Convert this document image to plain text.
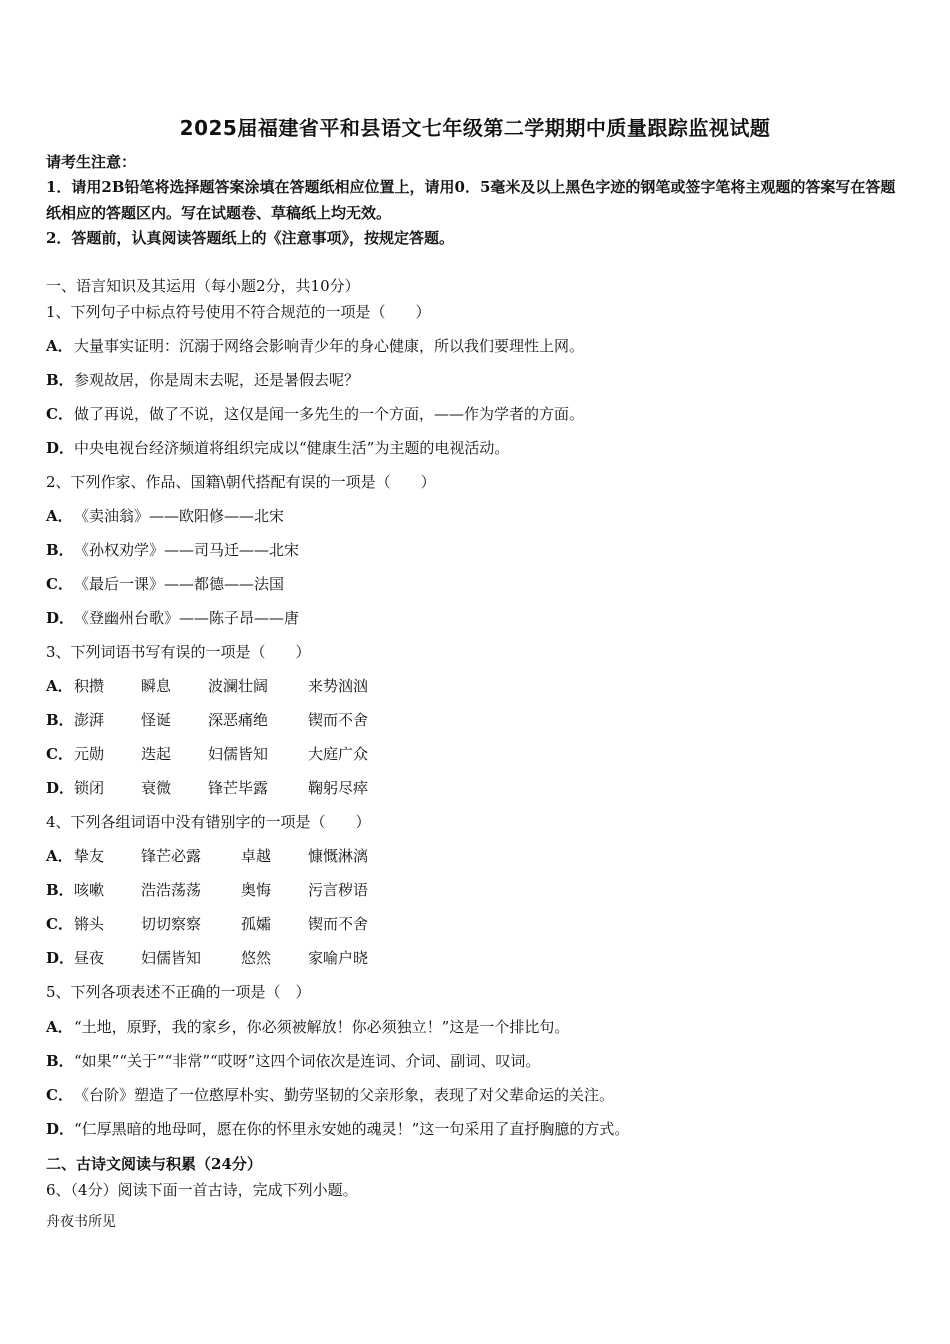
2025届福建省平和县语文七年级第二学期期中质量跟踪监视试题
请考生注意：
1．请用2B铅笔将选择题答案涂填在答题纸相应位置上，请用0．5毫米及以上黑色字迹的钢笔或签字笔将主观题的答案写在答题纸相应的答题区内。写在试题卷、草稿纸上均无效。
2．答题前，认真阅读答题纸上的《注意事项》，按规定答题。
一、语言知识及其运用（每小题2分，共10分）
1、下列句子中标点符号使用不符合规范的一项是（　　）
A．大量事实证明：沉溺于网络会影响青少年的身心健康，所以我们要理性上网。
B．参观故居，你是周末去呢，还是暑假去呢？
C．做了再说，做了不说，这仅是闻一多先生的一个方面，——作为学者的方面。
D．中央电视台经济频道将组织完成以“健康生活”为主题的电视活动。
2、下列作家、作品、国籍\朝代搭配有误的一项是（　　）
A．《卖油翁》——欧阳修——北宋
B．《孙权劝学》——司马迁——北宋
C．《最后一课》——都德——法国
D．《登幽州台歌》——陈子昂——唐
3、下列词语书写有误的一项是（　　）
A．积攒 瞬息 波澜壮阔	来势汹汹
B．澎湃 怪诞 深恶痛绝	锲而不舍
C．元勋 迭起 妇儒皆知	大庭广众
D．锁闭 衰微 锋芒毕露	鞠躬尽瘁
4、下列各组词语中没有错别字的一项是（　　）
A．挚友 锋芒必露	卓越 慷慨淋漓
B．咳嗽 浩浩荡荡	奥悔 污言秽语
C．锵头 切切察察	孤孀 锲而不舍
D．昼夜 妇儒皆知	悠然 家喻户晓
5、下列各项表述不正确的一项是（　）
A．“土地，原野，我的家乡，你必须被解放！你必须独立！”这是一个排比句。
B．“如果”“关于”“非常”“哎呀”这四个词依次是连词、介词、副词、叹词。
C．《台阶》塑造了一位憨厚朴实、勤劳坚韧的父亲形象，表现了对父辈命运的关注。
D．“仁厚黑暗的地母呵，愿在你的怀里永安她的魂灵！”这一句采用了直抒胸臆的方式。
二、古诗文阅读与积累（24分）
6、（4分）阅读下面一首古诗，完成下列小题。
舟夜书所见
